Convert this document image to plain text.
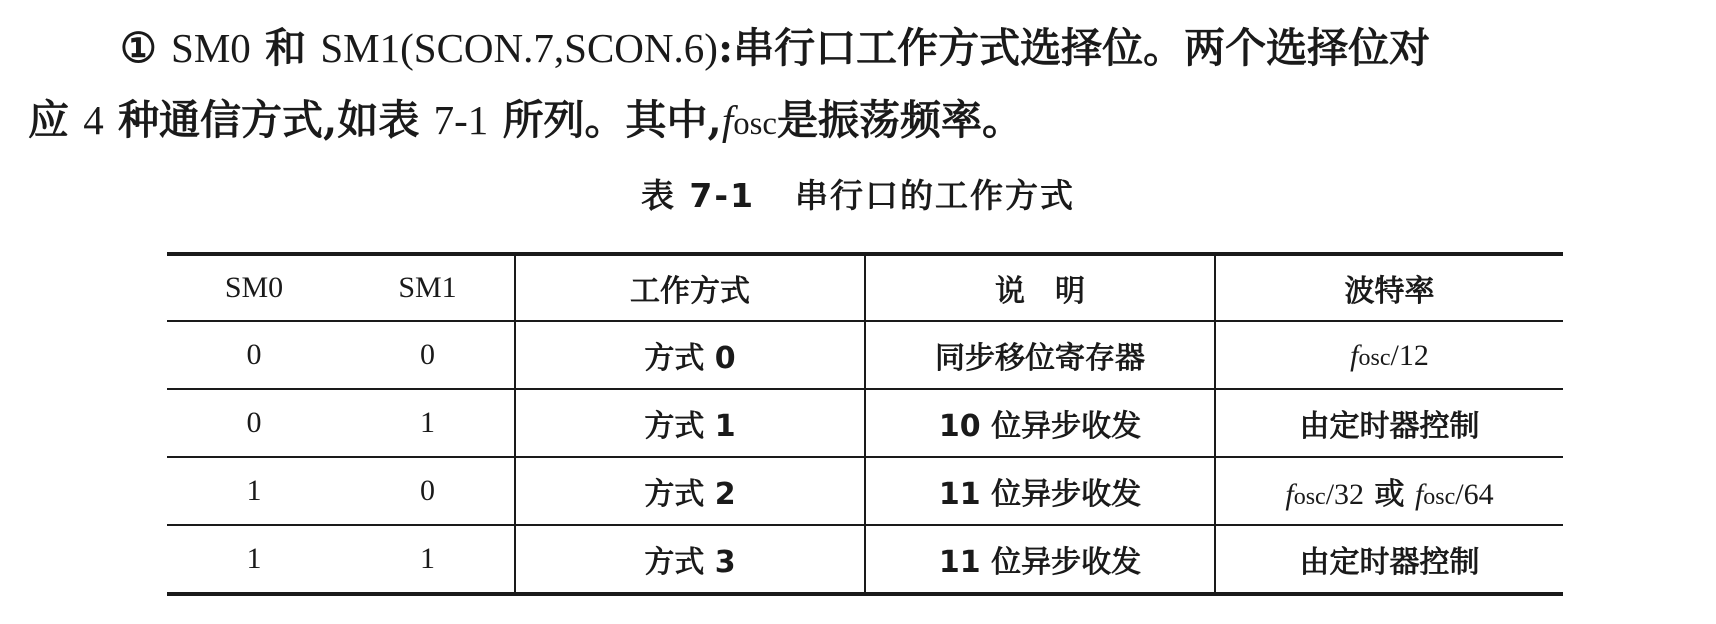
① SM0 和 SM1(SCON.7,SCON.6):串行口工作方式选择位。两个选择位对
应 4 种通信方式,如表 7-1 所列。其中,fosc是振荡频率。
表 7-1 串行口的工作方式
SM0	SM1	工作方式	说　明	波特率
0	0	方式 0	同步移位寄存器	fosc/12
0	1	方式 1	10 位异步收发	由定时器控制
1	0	方式 2	11 位异步收发	fosc/32 或 fosc/64
1	1	方式 3	11 位异步收发	由定时器控制
